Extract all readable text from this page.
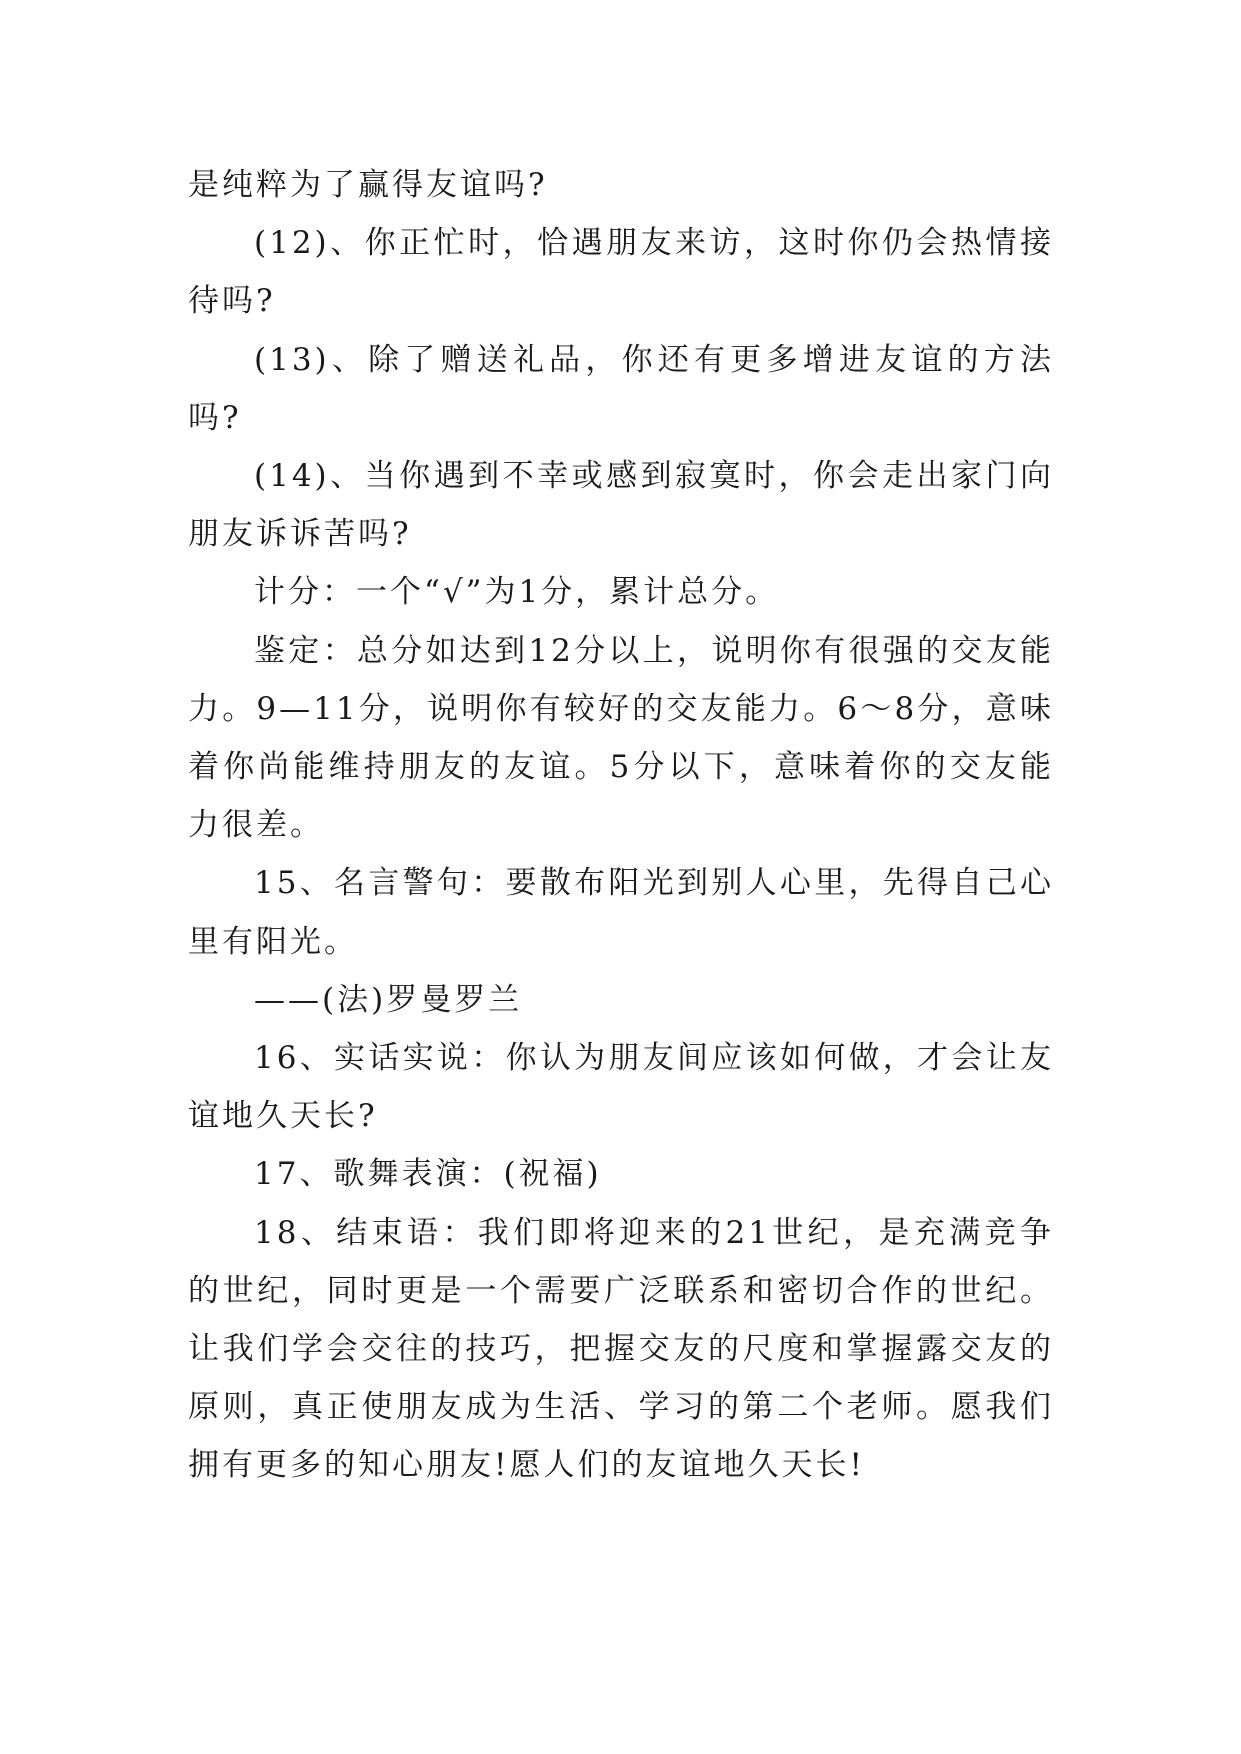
是纯粹为了赢得友谊吗?

(12)、你正忙时，恰遇朋友来访，这时你仍会热情接待吗?

(13)、除了赠送礼品，你还有更多增进友谊的方法吗?

(14)、当你遇到不幸或感到寂寞时，你会走出家门向朋友诉诉苦吗?

计分：一个“√”为1分，累计总分。

鉴定：总分如达到12分以上，说明你有很强的交友能力。9—11分，说明你有较好的交友能力。6～8分，意味着你尚能维持朋友的友谊。5分以下，意味着你的交友能力很差。

15、名言警句：要散布阳光到别人心里，先得自己心里有阳光。

——(法)罗曼罗兰

16、实话实说：你认为朋友间应该如何做，才会让友谊地久天长?

17、歌舞表演：(祝福)

18、结束语：我们即将迎来的21世纪，是充满竞争的世纪，同时更是一个需要广泛联系和密切合作的世纪。让我们学会交往的技巧，把握交友的尺度和掌握露交友的原则，真正使朋友成为生活、学习的第二个老师。愿我们拥有更多的知心朋友!愿人们的友谊地久天长!
